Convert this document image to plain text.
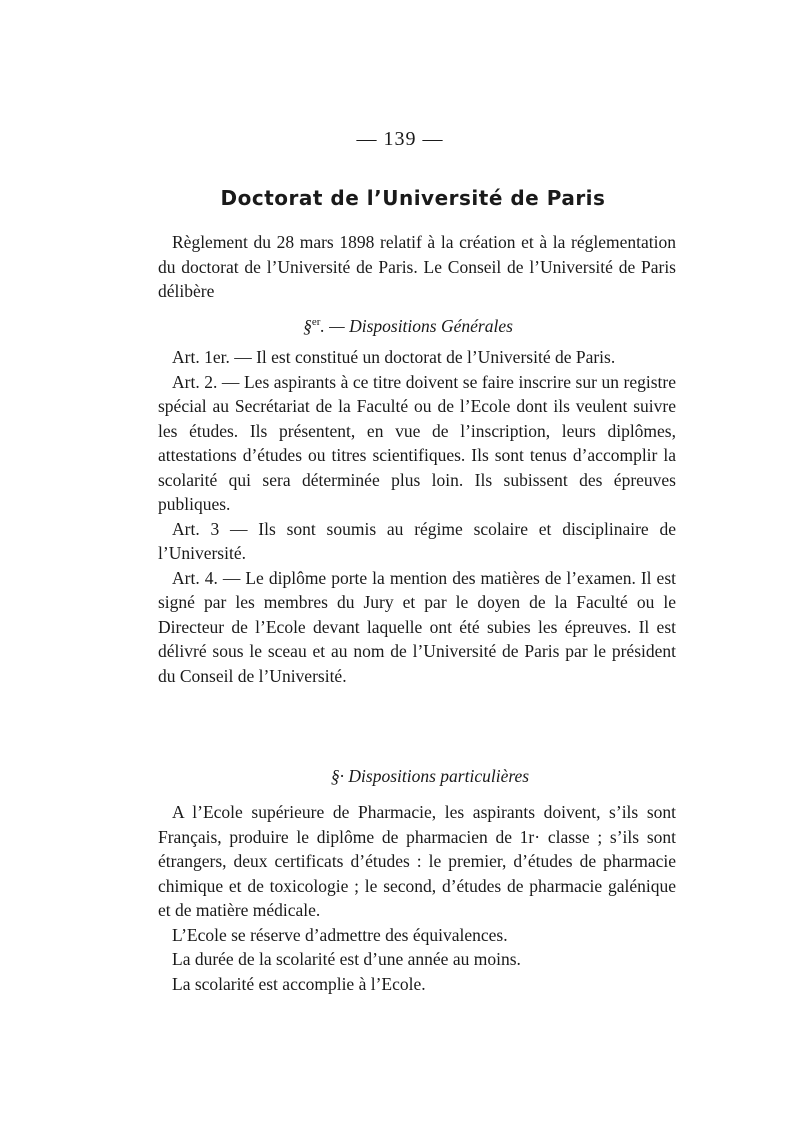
— 139 —
Doctorat de l’Université de Paris
Règlement du 28 mars 1898 relatif à la création et à la réglementation du doctorat de l’Université de Paris. Le Conseil de l’Université de Paris délibère
§$^{er}$. — Dispositions Générales

Art. 1er. — Il est constitué un doctorat de l’Université de Paris.

Art. 2. — Les aspirants à ce titre doivent se faire inscrire sur un registre spécial au Secrétariat de la Faculté ou de l’Ecole dont ils veulent suivre les études. Ils présentent, en vue de l’inscription, leurs diplômes, attestations d’études ou titres scientifiques. Ils sont tenus d’accomplir la scolarité qui sera déterminée plus loin. Ils subissent des épreuves publiques.

Art. 3 — Ils sont soumis au régime scolaire et disciplinaire de l’Université.

Art. 4. — Le diplôme porte la mention des matières de l’examen. Il est signé par les membres du Jury et par le doyen de la Faculté ou le Directeur de l’Ecole devant laquelle ont été subies les épreuves. Il est délivré sous le sceau et au nom de l’Université de Paris par le président du Conseil de l’Université.

§· Dispositions particulières

A l’Ecole supérieure de Pharmacie, les aspirants doivent, s’ils sont Français, produire le diplôme de pharmacien de 1r· classe ; s’ils sont étrangers, deux certificats d’études : le premier, d’études de pharmacie chimique et de toxicologie ; le second, d’études de pharmacie galénique et de matière médicale.

L’Ecole se réserve d’admettre des équivalences.

La durée de la scolarité est d’une année au moins.

La scolarité est accomplie à l’Ecole.
